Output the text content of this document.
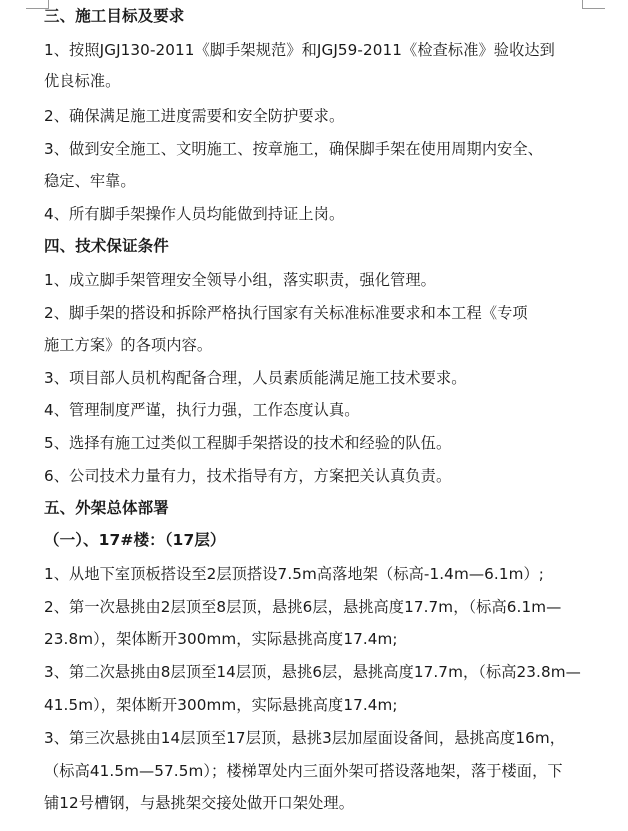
三、施工目标及要求
1、按照JGJ130-2011《脚手架规范》和JGJ59-2011《检查标准》验收达到
优良标准。
2、确保满足施工进度需要和安全防护要求。
3、做到安全施工、文明施工、按章施工，确保脚手架在使用周期内安全、
稳定、牢靠。
4、所有脚手架操作人员均能做到持证上岗。
四、技术保证条件
1、成立脚手架管理安全领导小组，落实职责，强化管理。
2、脚手架的搭设和拆除严格执行国家有关标准标准要求和本工程《专项
施工方案》的各项内容。
3、项目部人员机构配备合理，人员素质能满足施工技术要求。
4、管理制度严谨，执行力强，工作态度认真。
5、选择有施工过类似工程脚手架搭设的技术和经验的队伍。
6、公司技术力量有力，技术指导有方，方案把关认真负责。
五、外架总体部署
（一）、17#楼：（17层）
1、从地下室顶板搭设至2层顶搭设7.5m高落地架（标高-1.4m—6.1m）;
2、第一次悬挑由2层顶至8层顶，悬挑6层，悬挑高度17.7m，（标高6.1m—
23.8m），架体断开300mm，实际悬挑高度17.4m;
3、第二次悬挑由8层顶至14层顶，悬挑6层，悬挑高度17.7m，（标高23.8m—
41.5m），架体断开300mm，实际悬挑高度17.4m;
3、第三次悬挑由14层顶至17层顶，悬挑3层加屋面设备间，悬挑高度16m，
（标高41.5m—57.5m）；楼梯罩处内三面外架可搭设落地架，落于楼面，下
铺12号槽钢，与悬挑架交接处做开口架处理。
